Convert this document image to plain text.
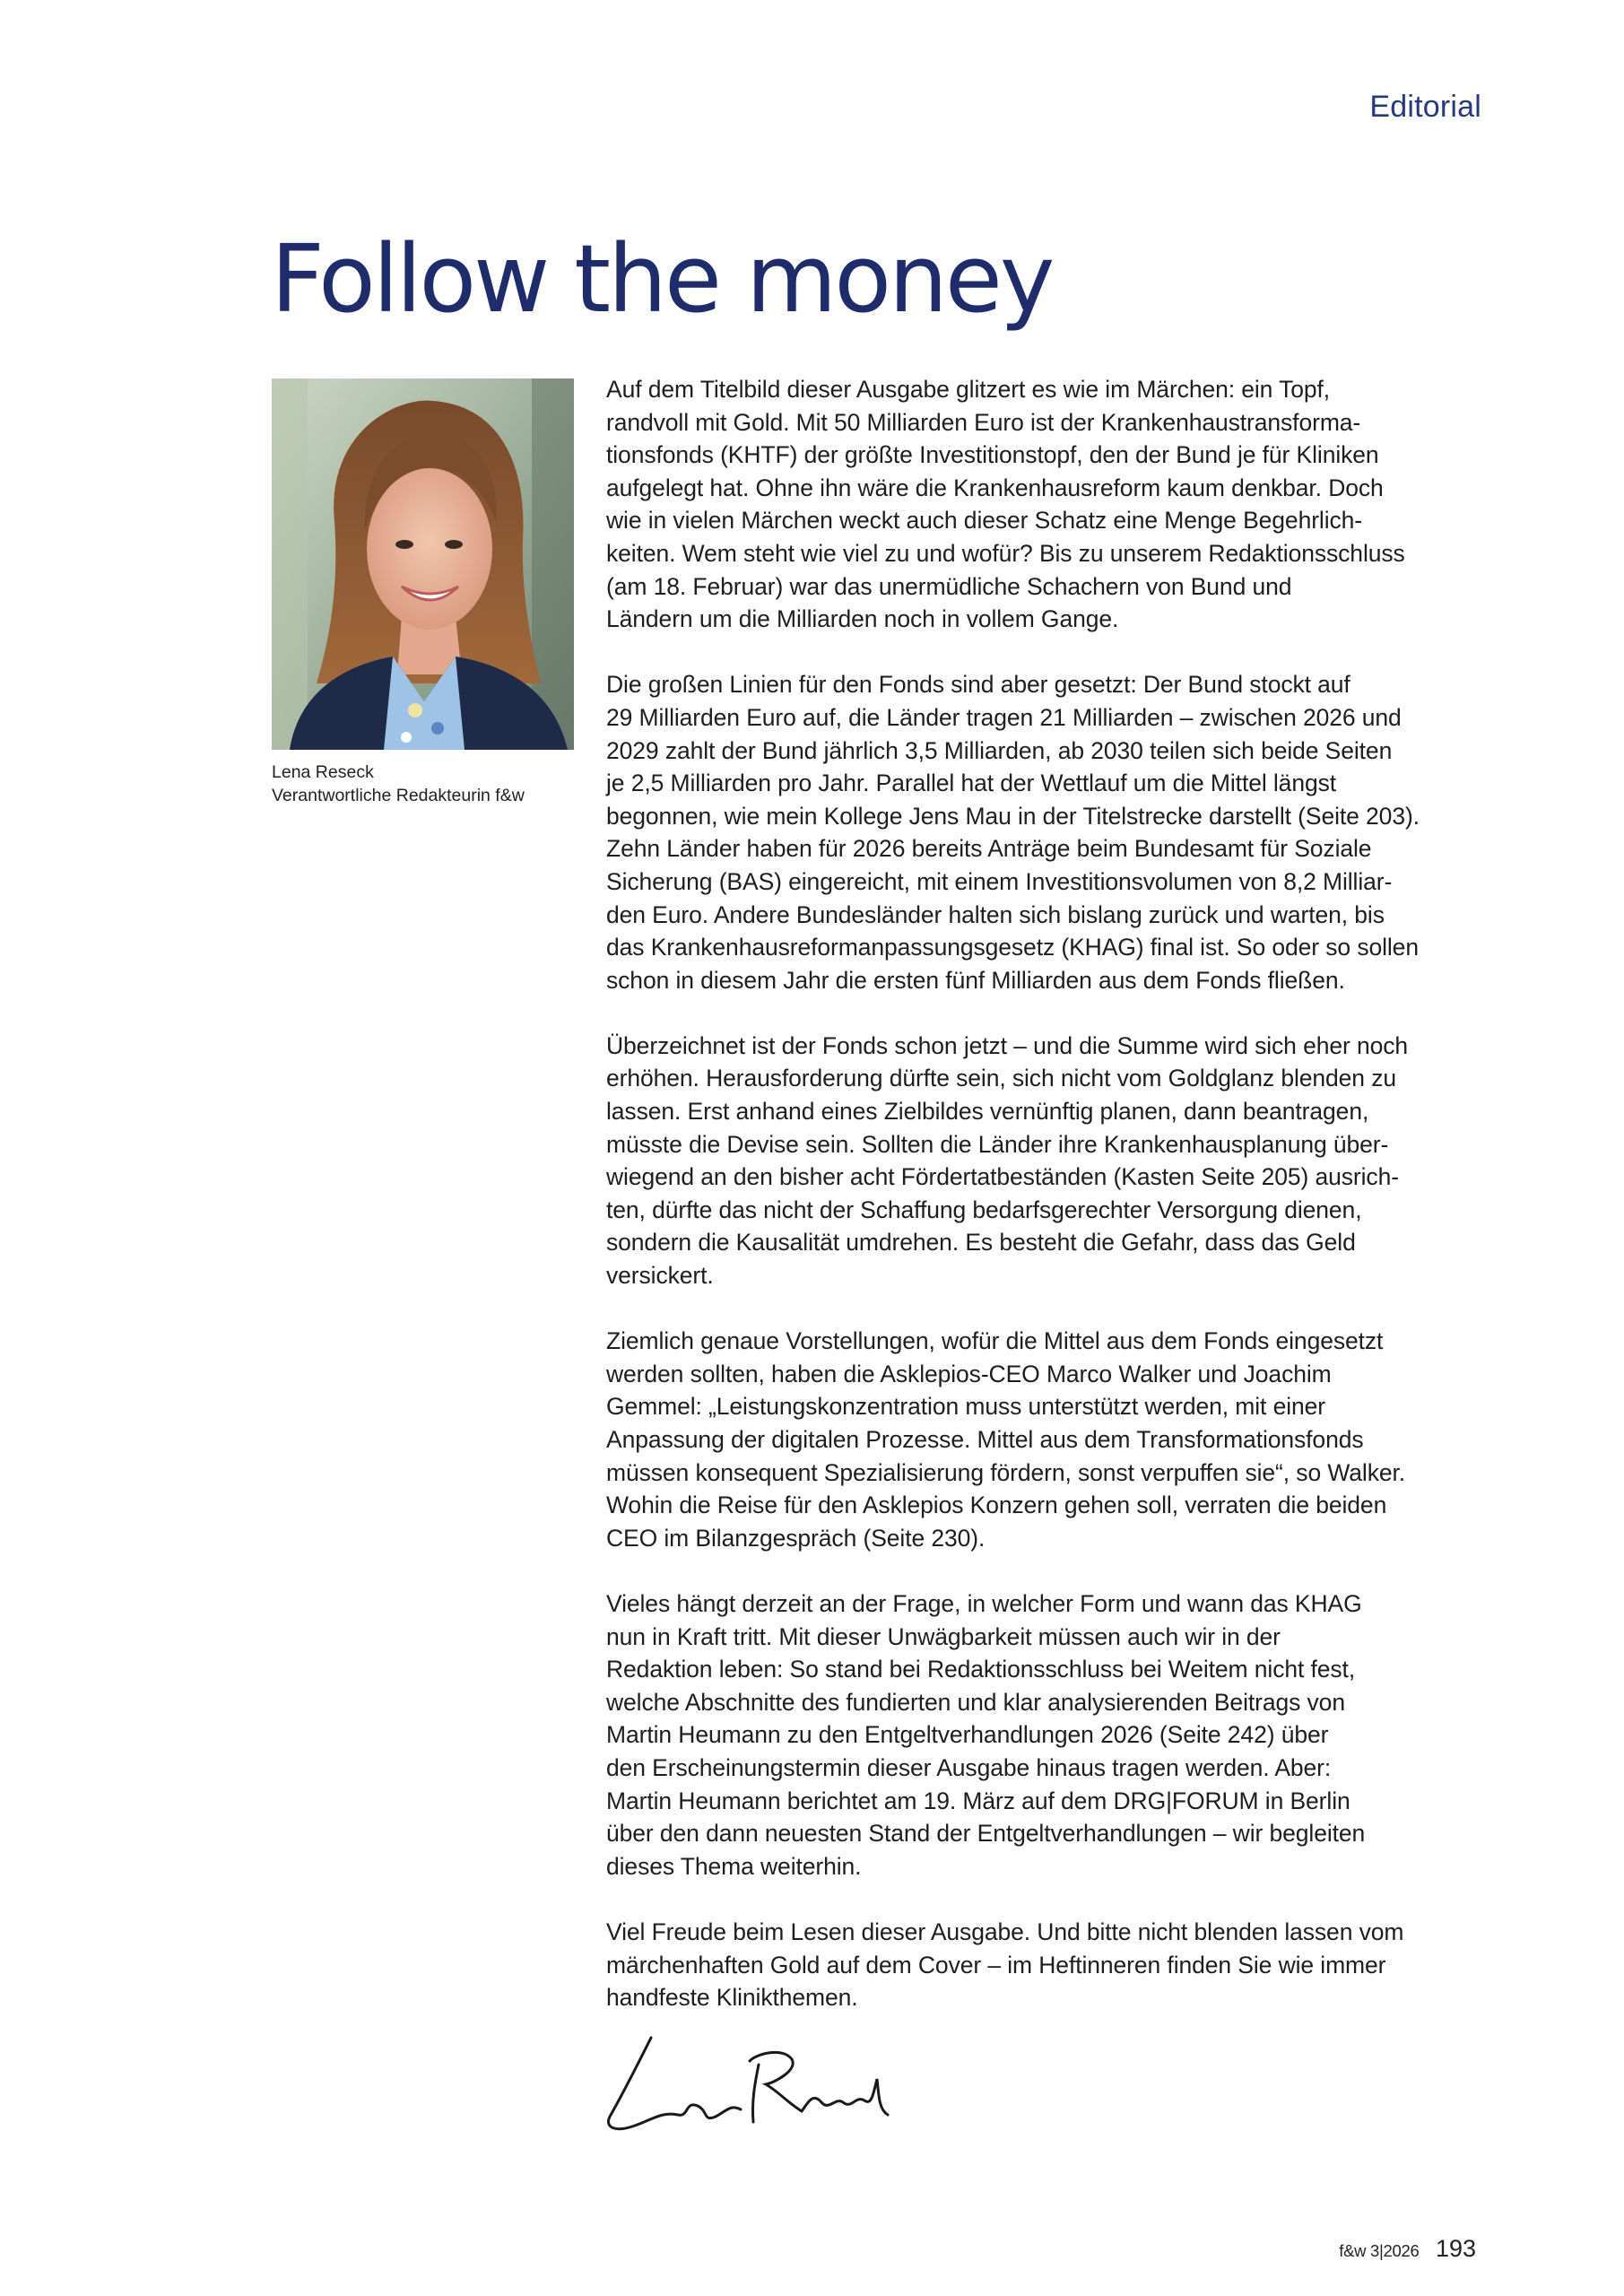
Editorial
Follow the money

Lena Reseck
Verantwortliche Redakteurin f&w

Auf dem Titelbild dieser Ausgabe glitzert es wie im Märchen: ein Topf,
randvoll mit Gold. Mit 50 Milliarden Euro ist der Krankenhaustransforma-
tionsfonds (KHTF) der größte Investitionstopf, den der Bund je für Kliniken
aufgelegt hat. Ohne ihn wäre die Krankenhausreform kaum denkbar. Doch
wie in vielen Märchen weckt auch dieser Schatz eine Menge Begehrlich-
keiten. Wem steht wie viel zu und wofür? Bis zu unserem Redaktionsschluss
(am 18. Februar) war das unermüdliche Schachern von Bund und
Ländern um die Milliarden noch in vollem Gange.

Die großen Linien für den Fonds sind aber gesetzt: Der Bund stockt auf
29 Milliarden Euro auf, die Länder tragen 21 Milliarden – zwischen 2026 und
2029 zahlt der Bund jährlich 3,5 Milliarden, ab 2030 teilen sich beide Seiten
je 2,5 Milliarden pro Jahr. Parallel hat der Wettlauf um die Mittel längst
begonnen, wie mein Kollege Jens Mau in der Titelstrecke darstellt (Seite 203).
Zehn Länder haben für 2026 bereits Anträge beim Bundesamt für Soziale
Sicherung (BAS) eingereicht, mit einem Investitionsvolumen von 8,2 Milliar-
den Euro. Andere Bundesländer halten sich bislang zurück und warten, bis
das Krankenhausreformanpassungsgesetz (KHAG) final ist. So oder so sollen
schon in diesem Jahr die ersten fünf Milliarden aus dem Fonds fließen.

Überzeichnet ist der Fonds schon jetzt – und die Summe wird sich eher noch
erhöhen. Herausforderung dürfte sein, sich nicht vom Goldglanz blenden zu
lassen. Erst anhand eines Zielbildes vernünftig planen, dann beantragen,
müsste die Devise sein. Sollten die Länder ihre Krankenhausplanung über-
wiegend an den bisher acht Fördertatbeständen (Kasten Seite 205) ausrich-
ten, dürfte das nicht der Schaffung bedarfsgerechter Versorgung dienen,
sondern die Kausalität umdrehen. Es besteht die Gefahr, dass das Geld
versickert.

Ziemlich genaue Vorstellungen, wofür die Mittel aus dem Fonds eingesetzt
werden sollten, haben die Asklepios-CEO Marco Walker und Joachim
Gemmel: „Leistungskonzentration muss unterstützt werden, mit einer
Anpassung der digitalen Prozesse. Mittel aus dem Transformationsfonds
müssen konsequent Spezialisierung fördern, sonst verpuffen sie“, so Walker.
Wohin die Reise für den Asklepios Konzern gehen soll, verraten die beiden
CEO im Bilanzgespräch (Seite 230).

Vieles hängt derzeit an der Frage, in welcher Form und wann das KHAG
nun in Kraft tritt. Mit dieser Unwägbarkeit müssen auch wir in der
Redaktion leben: So stand bei Redaktionsschluss bei Weitem nicht fest,
welche Abschnitte des fundierten und klar analysierenden Beitrags von
Martin Heumann zu den Entgeltverhandlungen 2026 (Seite 242) über
den Erscheinungstermin dieser Ausgabe hinaus tragen werden. Aber:
Martin Heumann berichtet am 19. März auf dem DRG|FORUM in Berlin
über den dann neuesten Stand der Entgeltverhandlungen – wir begleiten
dieses Thema weiterhin.

Viel Freude beim Lesen dieser Ausgabe. Und bitte nicht blenden lassen vom
märchenhaften Gold auf dem Cover – im Heftinneren finden Sie wie immer
handfeste Klinikthemen.

f&w 3|2026 193
